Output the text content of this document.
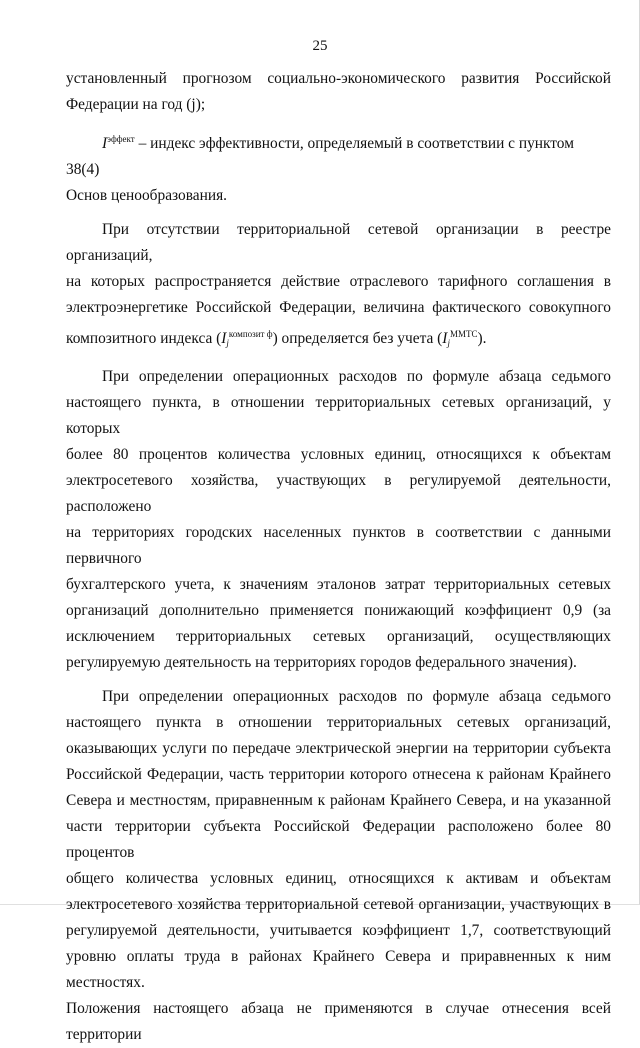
25

установленный прогнозом социально-экономического развития Российской

Федерации на год (j);

$I^{эффект}$ – индекс эффективности, определяемый в соответствии с пунктом 38(4)

Основ ценообразования.

При отсутствии территориальной сетевой организации в реестре организаций,

на которых распространяется действие отраслевого тарифного соглашения в

электроэнергетике Российской Федерации, величина фактического совокупного

композитного индекса $(I_j^{композит ф})$ определяется без учета $(I_j^{ММТС})$.

При определении операционных расходов по формуле абзаца седьмого

настоящего пункта, в отношении территориальных сетевых организаций, у которых

более 80 процентов количества условных единиц, относящихся к объектам

электросетевого хозяйства, участвующих в регулируемой деятельности, расположено

на территориях городских населенных пунктов в соответствии с данными первичного

бухгалтерского учета, к значениям эталонов затрат территориальных сетевых

организаций дополнительно применяется понижающий коэффициент 0,9 (за

исключением территориальных сетевых организаций, осуществляющих

регулируемую деятельность на территориях городов федерального значения).

При определении операционных расходов по формуле абзаца седьмого

настоящего пункта в отношении территориальных сетевых организаций,

оказывающих услуги по передаче электрической энергии на территории субъекта

Российской Федерации, часть территории которого отнесена к районам Крайнего

Севера и местностям, приравненным к районам Крайнего Севера, и на указанной

части территории субъекта Российской Федерации расположено более 80 процентов

общего количества условных единиц, относящихся к активам и объектам

электросетевого хозяйства территориальной сетевой организации, участвующих в

регулируемой деятельности, учитывается коэффициент 1,7, соответствующий

уровню оплаты труда в районах Крайнего Севера и приравненных к ним местностях.

Положения настоящего абзаца не применяются в случае отнесения всей территории
